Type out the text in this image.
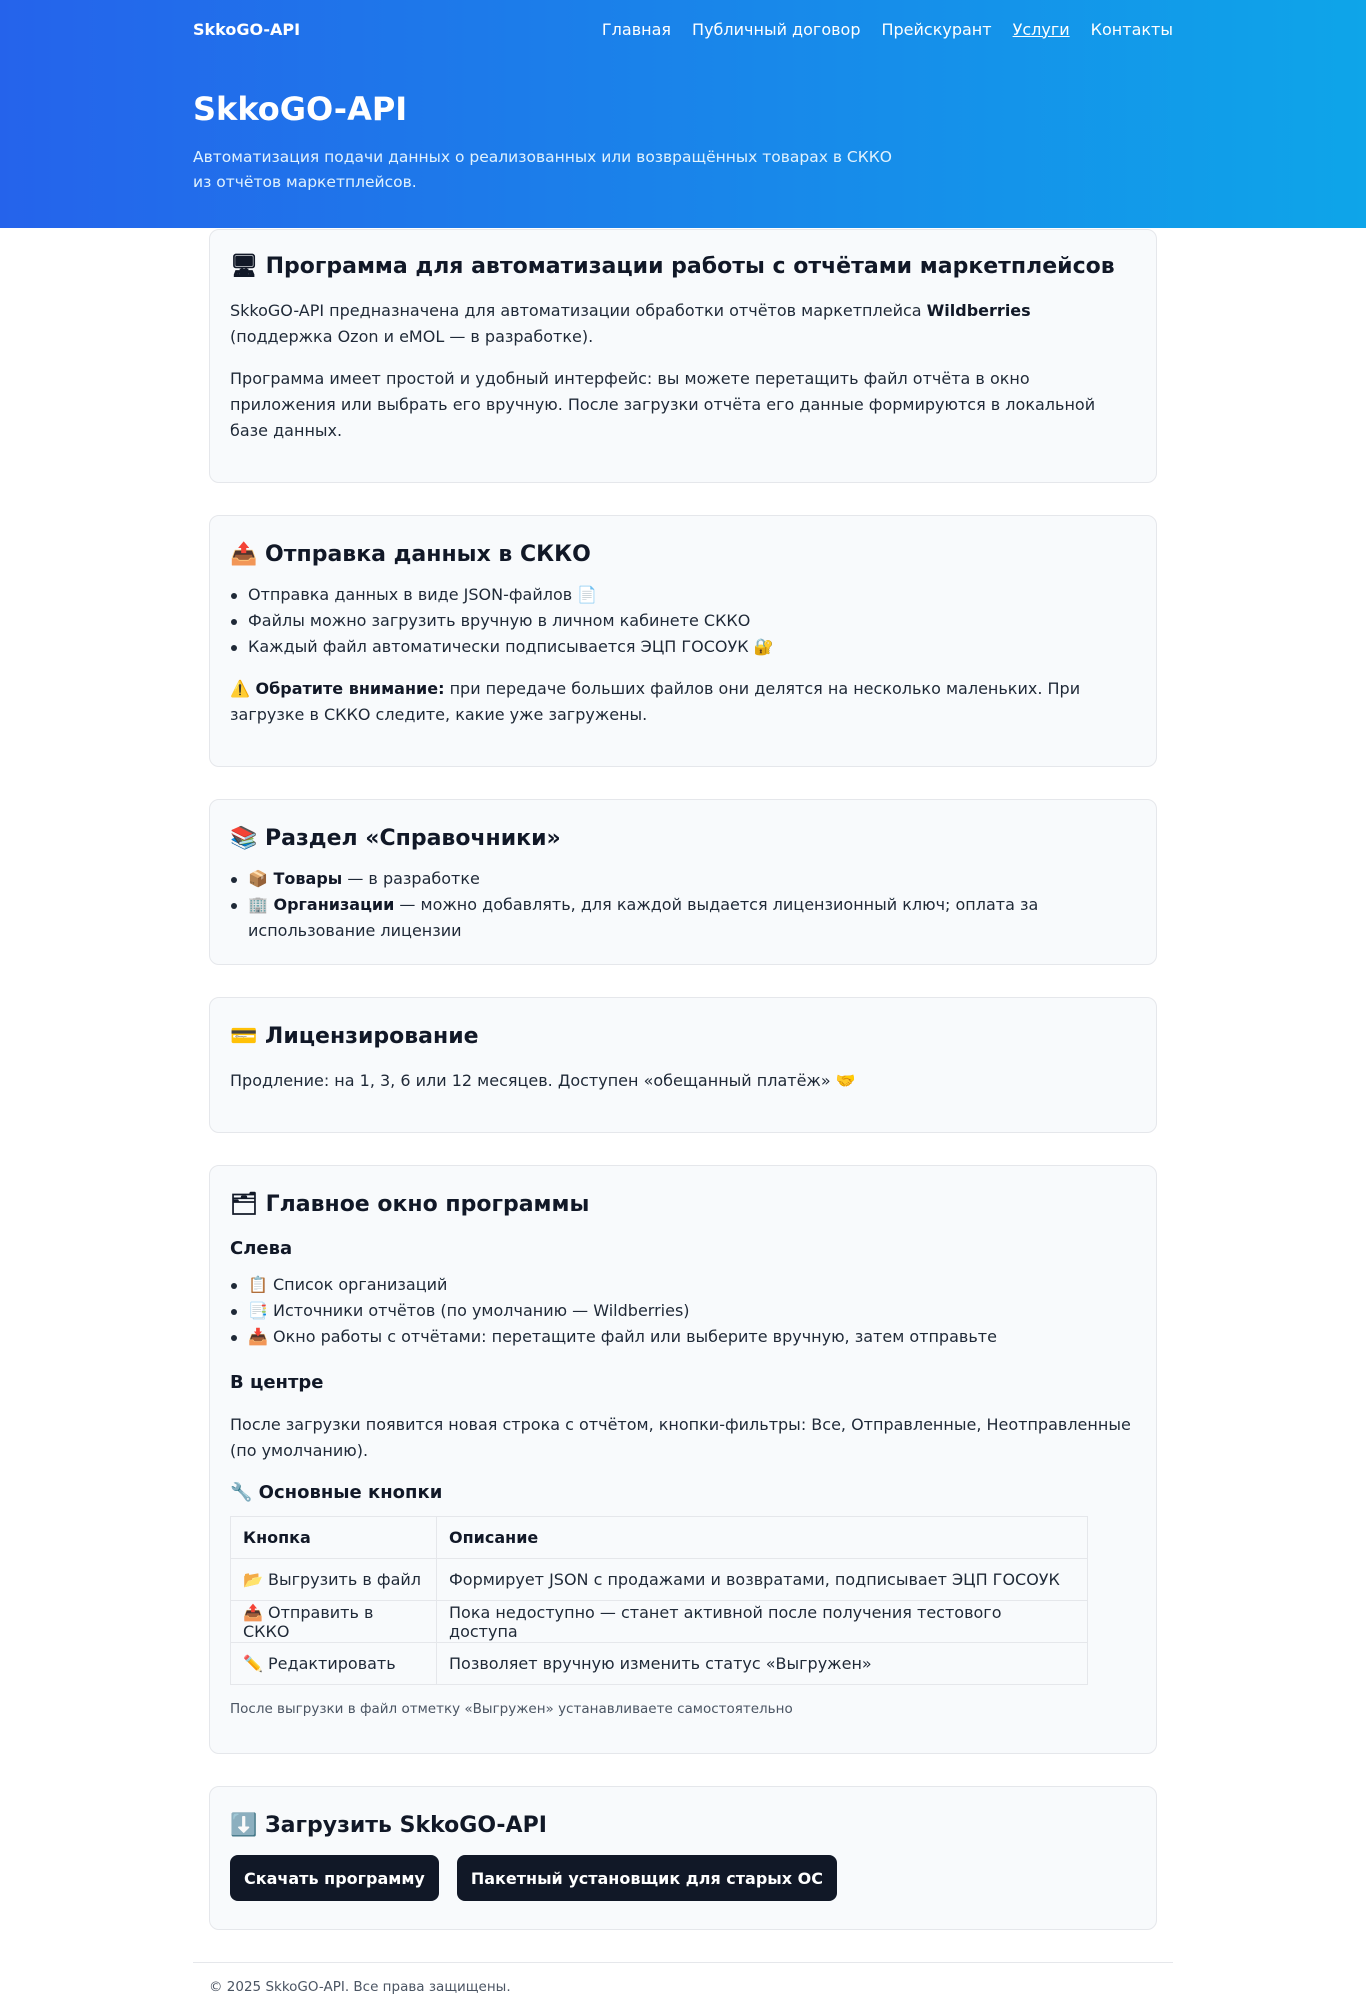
SkkoGO-API	Главная Публичный договор Прейскурант Услуги Контакты
SkkoGO-API

Автоматизация подачи данных о реализованных или возвращённых товарах в СККО из отчётов маркетплейсов.

🖥 Программа для автоматизации работы с отчётами маркетплейсов

SkkoGO-API предназначена для автоматизации обработки отчётов маркетплейса Wildberries (поддержка Ozon и eMOL — в разработке).

Программа имеет простой и удобный интерфейс: вы можете перетащить файл отчёта в окно приложения или выбрать его вручную. После загрузки отчёта его данные формируются в локальной базе данных.

📤 Отправка данных в СККО
Отправка данных в виде JSON-файлов 📄
Файлы можно загрузить вручную в личном кабинете СККО
Каждый файл автоматически подписывается ЭЦП ГОСОУК 🔐

⚠️ Обратите внимание: при передаче больших файлов они делятся на несколько маленьких. При загрузке в СККО следите, какие уже загружены.

📚 Раздел «Справочники»
📦 Товары — в разработке
🏢 Организации — можно добавлять, для каждой выдается лицензионный ключ; оплата за использование лицензии
💳 Лицензирование

Продление: на 1, 3, 6 или 12 месяцев. Доступен «обещанный платёж» 🤝

🗂 Главное окно программы
Слева
📋 Список организаций
📑 Источники отчётов (по умолчанию — Wildberries)
📥 Окно работы с отчётами: перетащите файл или выберите вручную, затем отправьте
В центре

После загрузки появится новая строка с отчётом, кнопки-фильтры: Все, Отправленные, Неотправленные (по умолчанию).

🔧 Основные кнопки
Кнопка	Описание
📂 Выгрузить в файл	Формирует JSON с продажами и возвратами, подписывает ЭЦП ГОСОУК
📤 Отправить в СККО	Пока недоступно — станет активной после получения тестового доступа
✏️ Редактировать	Позволяет вручную изменить статус «Выгружен»
После выгрузки в файл отметку «Выгружен» устанавливаете самостоятельно
⬇️ Загрузить SkkoGO-API
Скачать программу	Пакетный установщик для старых ОС
© 2025 SkkoGO-API. Все права защищены.
